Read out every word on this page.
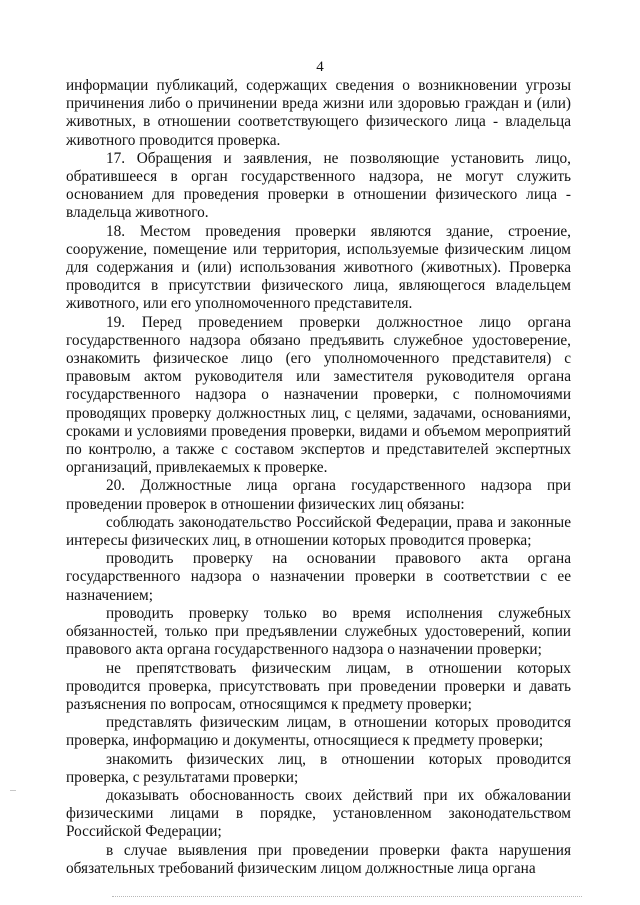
4

информации публикаций, содержащих сведения о возникновении угрозы причинения либо о причинении вреда жизни или здоровью граждан и (или) животных, в отношении соответствующего физического лица - владельца животного проводится проверка.

17. Обращения и заявления, не позволяющие установить лицо, обратившееся в орган государственного надзора, не могут служить основанием для проведения проверки в отношении физического лица - владельца животного.

18. Местом проведения проверки являются здание, строение, сооружение, помещение или территория, используемые физическим лицом для содержания и (или) использования животного (животных). Проверка проводится в присутствии физического лица, являющегося владельцем животного, или его уполномоченного представителя.

19. Перед проведением проверки должностное лицо органа государственного надзора обязано предъявить служебное удостоверение, ознакомить физическое лицо (его уполномоченного представителя) с правовым актом руководителя или заместителя руководителя органа государственного надзора о назначении проверки, с полномочиями проводящих проверку должностных лиц, с целями, задачами, основаниями, сроками и условиями проведения проверки, видами и объемом мероприятий по контролю, а также с составом экспертов и представителей экспертных организаций, привлекаемых к проверке.

20. Должностные лица органа государственного надзора при проведении проверок в отношении физических лиц обязаны:

соблюдать законодательство Российской Федерации, права и законные интересы физических лиц, в отношении которых проводится проверка;

проводить проверку на основании правового акта органа государственного надзора о назначении проверки в соответствии с ее назначением;

проводить проверку только во время исполнения служебных обязанностей, только при предъявлении служебных удостоверений, копии правового акта органа государственного надзора о назначении проверки;

не препятствовать физическим лицам, в отношении которых проводится проверка, присутствовать при проведении проверки и давать разъяснения по вопросам, относящимся к предмету проверки;

представлять физическим лицам, в отношении которых проводится проверка, информацию и документы, относящиеся к предмету проверки;

знакомить физических лиц, в отношении которых проводится проверка, с результатами проверки;

доказывать обоснованность своих действий при их обжаловании физическими лицами в порядке, установленном законодательством Российской Федерации;

в случае выявления при проведении проверки факта нарушения обязательных требований физическим лицом должностные лица органа
